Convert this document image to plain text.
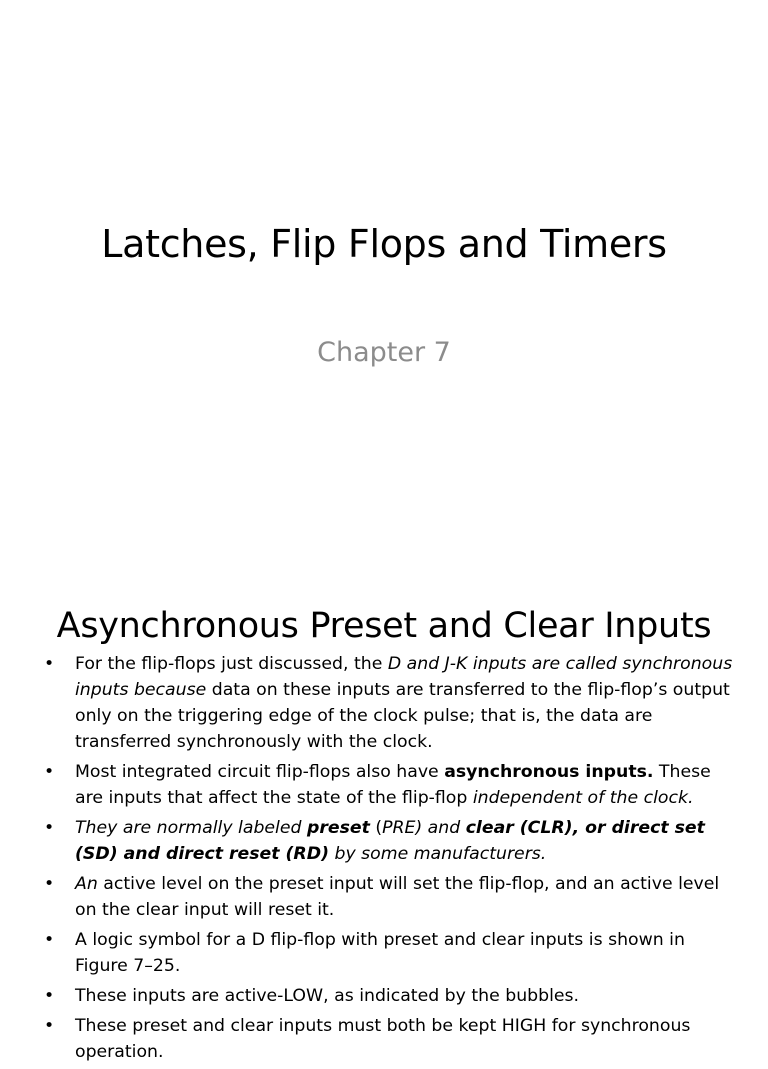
Latches, Flip Flops and Timers
Chapter 7
Asynchronous Preset and Clear Inputs
• For the flip-flops just discussed, the D and J-K inputs are called synchronous inputs because data on these inputs are transferred to the flip-flop’s output only on the triggering edge of the clock pulse; that is, the data are transferred synchronously with the clock.
• Most integrated circuit flip-flops also have asynchronous inputs. These are inputs that affect the state of the flip-flop independent of the clock.
• They are normally labeled preset (PRE) and clear (CLR), or direct set (SD) and direct reset (RD) by some manufacturers.
• An active level on the preset input will set the flip-flop, and an active level on the clear input will reset it.
• A logic symbol for a D flip-flop with preset and clear inputs is shown in Figure 7–25.
• These inputs are active-LOW, as indicated by the bubbles.
• These preset and clear inputs must both be kept HIGH for synchronous operation.
